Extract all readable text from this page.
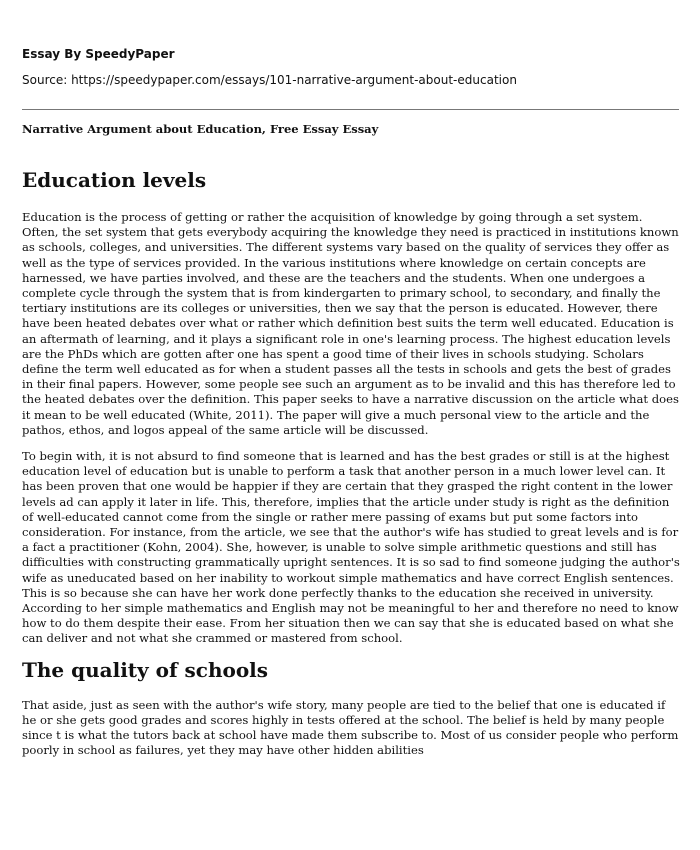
Essay By SpeedyPaper
Source: https://speedypaper.com/essays/101-narrative-argument-about-education
Narrative Argument about Education, Free Essay Essay
Education levels

Education is the process of getting or rather the acquisition of knowledge by going through a set system. Often, the set system that gets everybody acquiring the knowledge they need is practiced in institutions known as schools, colleges, and universities. The different systems vary based on the quality of services they offer as well as the type of services provided. In the various institutions where knowledge on certain concepts are harnessed, we have parties involved, and these are the teachers and the students. When one undergoes a complete cycle through the system that is from kindergarten to primary school, to secondary, and finally the tertiary institutions are its colleges or universities, then we say that the person is educated. However, there have been heated debates over what or rather which definition best suits the term well educated. Education is an aftermath of learning, and it plays a significant role in one's learning process. The highest education levels are the PhDs which are gotten after one has spent a good time of their lives in schools studying. Scholars define the term well educated as for when a student passes all the tests in schools and gets the best of grades in their final papers. However, some people see such an argument as to be invalid and this has therefore led to the heated debates over the definition. This paper seeks to have a narrative discussion on the article what does it mean to be well educated (White, 2011). The paper will give a much personal view to the article and the pathos, ethos, and logos appeal of the same article will be discussed.

To begin with, it is not absurd to find someone that is learned and has the best grades or still is at the highest education level of education but is unable to perform a task that another person in a much lower level can. It has been proven that one would be happier if they are certain that they grasped the right content in the lower levels ad can apply it later in life. This, therefore, implies that the article under study is right as the definition of well-educated cannot come from the single or rather mere passing of exams but put some factors into consideration. For instance, from the article, we see that the author's wife has studied to great levels and is for a fact a practitioner (Kohn, 2004). She, however, is unable to solve simple arithmetic questions and still has difficulties with constructing grammatically upright sentences. It is so sad to find someone judging the author's wife as uneducated based on her inability to workout simple mathematics and have correct English sentences. This is so because she can have her work done perfectly thanks to the education she received in university. According to her simple mathematics and English may not be meaningful to her and therefore no need to know how to do them despite their ease. From her situation then we can say that she is educated based on what she can deliver and not what she crammed or mastered from school.

The quality of schools

That aside, just as seen with the author's wife story, many people are tied to the belief that one is educated if he or she gets good grades and scores highly in tests offered at the school. The belief is held by many people since t is what the tutors back at school have made them subscribe to. Most of us consider people who perform poorly in school as failures, yet they may have other hidden abilities
